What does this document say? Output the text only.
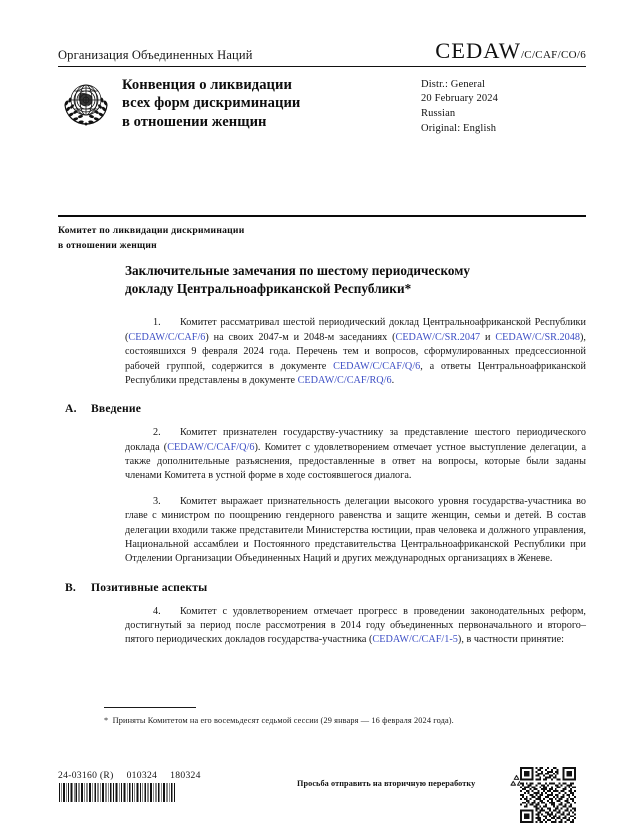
Организация Объединенных Наций	CEDAW /C/CAF/CO/6
Конвенция о ликвидации
всех форм дискриминации
в отношении женщин
Distr.: General
20 February 2024
Russian
Original: English
Комитет по ликвидации дискриминации
в отношении женщин
Заключительные замечания по шестому периодическому докладу Центральноафриканской Республики*

1. Комитет рассматривал шестой периодический доклад Центральноафриканской Республики (CEDAW/C/CAF/6) на своих 2047-м и 2048-м заседаниях (CEDAW/C/SR.2047 и CEDAW/C/SR.2048), состоявшихся 9 февраля 2024 года. Перечень тем и вопросов, сформулированных предсессионной рабочей группой, содержится в документе CEDAW/C/CAF/Q/6, а ответы Центральноафриканской Республики представлены в документе CEDAW/C/CAF/RQ/6.

A.	Введение

2. Комитет признателен государству-участнику за представление шестого периодического доклада (CEDAW/C/CAF/Q/6). Комитет с удовлетворением отмечает устное выступление делегации, а также дополнительные разъяснения, предоставленные в ответ на вопросы, которые были заданы членами Комитета в устной форме в ходе состоявшегося диалога.

3. Комитет выражает признательность делегации высокого уровня государства-участника во главе с министром по поощрению гендерного равенства и защите женщин, семьи и детей. В состав делегации входили также представители Министерства юстиции, прав человека и должного управления, Национальной ассамблеи и Постоянного представительства Центральноафриканской Республики при Отделении Организации Объединенных Наций и других международных организациях в Женеве.

B.	Позитивные аспекты

4. Комитет с удовлетворением отмечает прогресс в проведении законодательных реформ, достигнутый за период после рассмотрения в 2014 году объединенных первоначального и второго–пятого периодических докладов государства-участника (CEDAW/C/CAF/1-5), в частности принятие:

* Приняты Комитетом на его восемьдесят седьмой сессии (29 января — 16 февраля 2024 года).
24-03160 (R) 010324 180324
Просьба отправить на вторичную переработку
